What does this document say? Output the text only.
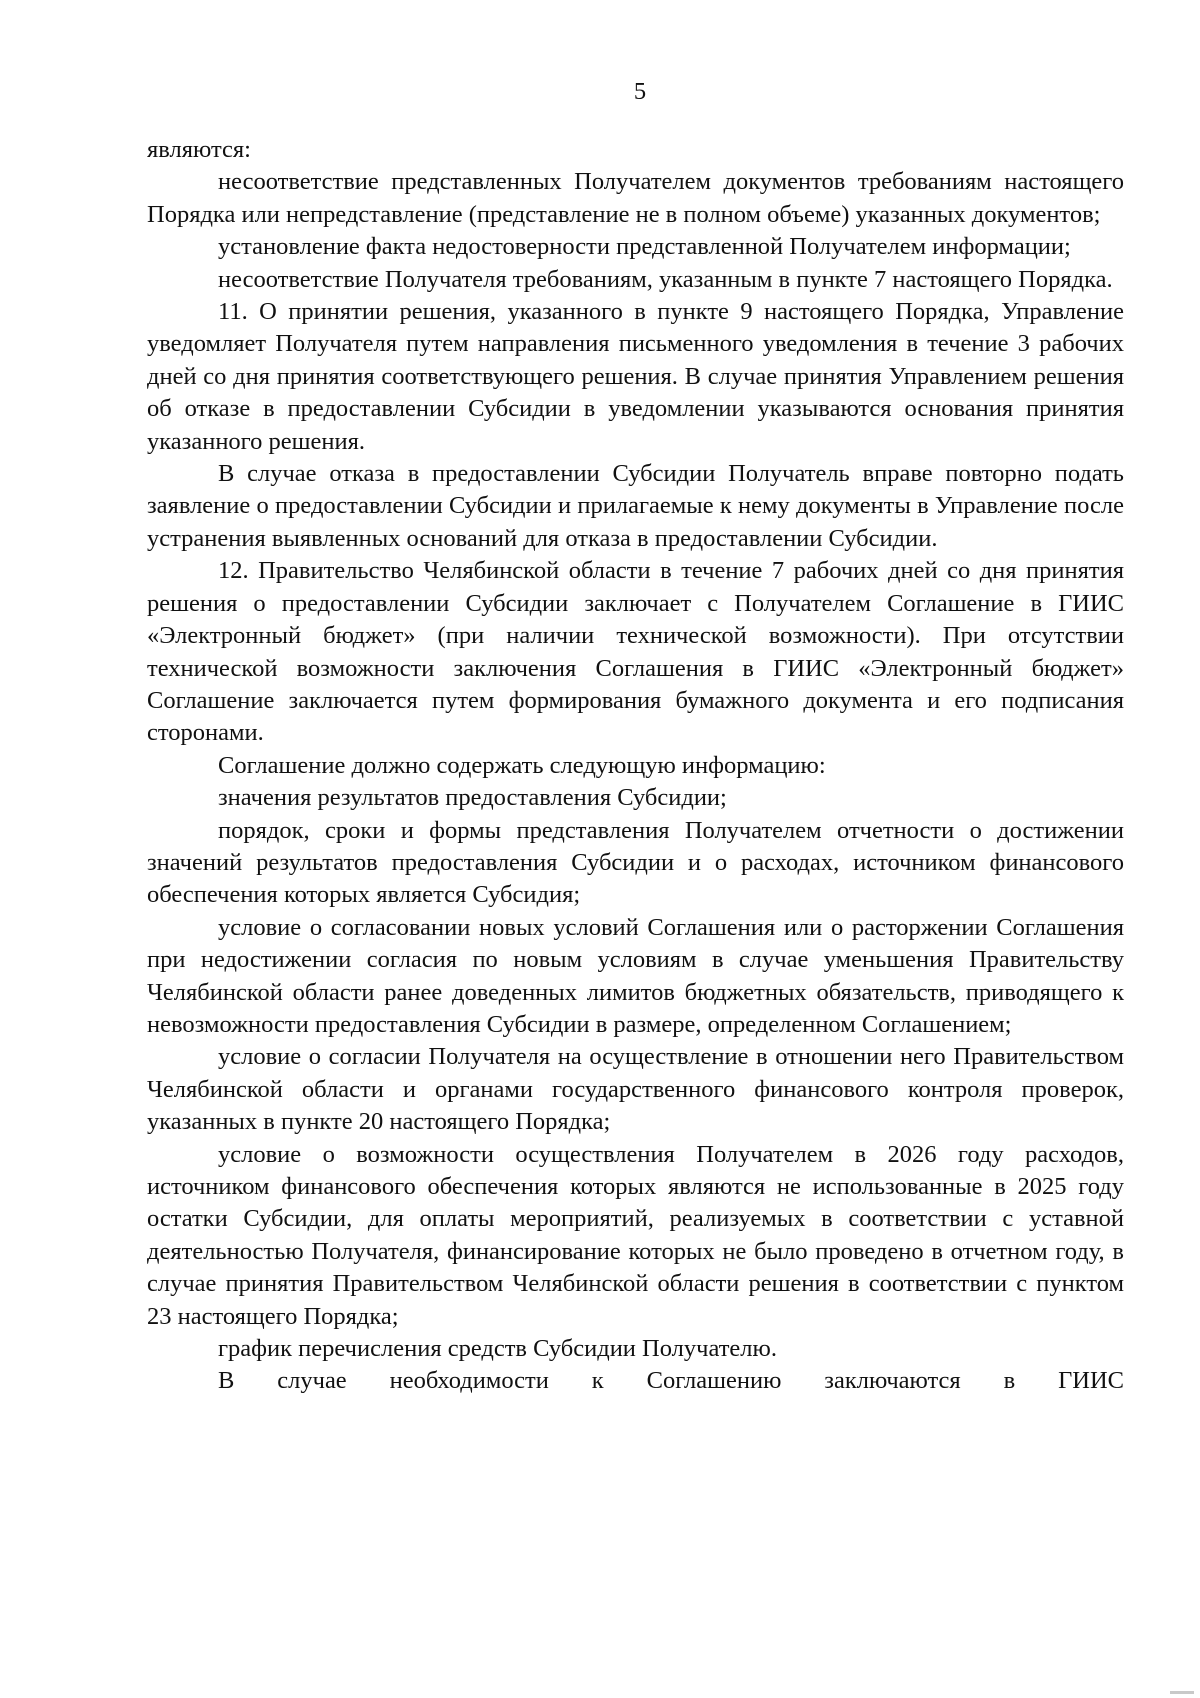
5

являются:

несоответствие представленных Получателем документов требованиям настоящего Порядка или непредставление (представление не в полном объеме) указанных документов;

установление факта недостоверности представленной Получателем информации;

несоответствие Получателя требованиям, указанным в пункте 7 настоящего Порядка.

11. О принятии решения, указанного в пункте 9 настоящего Порядка, Управление уведомляет Получателя путем направления письменного уведомления в течение 3 рабочих дней со дня принятия соответствующего решения. В случае принятия Управлением решения об отказе в предоставлении Субсидии в уведомлении указываются основания принятия указанного решения.

В случае отказа в предоставлении Субсидии Получатель вправе повторно подать заявление о предоставлении Субсидии и прилагаемые к нему документы в Управление после устранения выявленных оснований для отказа в предоставлении Субсидии.

12. Правительство Челябинской области в течение 7 рабочих дней со дня принятия решения о предоставлении Субсидии заключает с Получателем Соглашение в ГИИС «Электронный бюджет» (при наличии технической возможности). При отсутствии технической возможности заключения Соглашения в ГИИС «Электронный бюджет» Соглашение заключается путем формирования бумажного документа и его подписания сторонами.

Соглашение должно содержать следующую информацию:

значения результатов предоставления Субсидии;

порядок, сроки и формы представления Получателем отчетности о достижении значений результатов предоставления Субсидии и о расходах, источником финансового обеспечения которых является Субсидия;

условие о согласовании новых условий Соглашения или о расторжении Соглашения при недостижении согласия по новым условиям в случае уменьшения Правительству Челябинской области ранее доведенных лимитов бюджетных обязательств, приводящего к невозможности предоставления Субсидии в размере, определенном Соглашением;

условие о согласии Получателя на осуществление в отношении него Правительством Челябинской области и органами государственного финансового контроля проверок, указанных в пункте 20 настоящего Порядка;

условие о возможности осуществления Получателем в 2026 году расходов, источником финансового обеспечения которых являются не использованные в 2025 году остатки Субсидии, для оплаты мероприятий, реализуемых в соответствии с уставной деятельностью Получателя, финансирование которых не было проведено в отчетном году, в случае принятия Правительством Челябинской области решения в соответствии с пунктом 23 настоящего Порядка;

график перечисления средств Субсидии Получателю.

В случае необходимости к Соглашению заключаются в ГИИС
